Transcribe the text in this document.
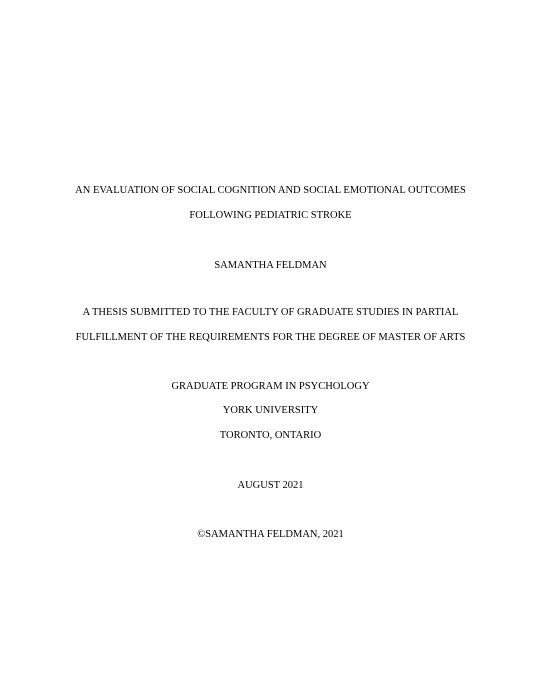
AN EVALUATION OF SOCIAL COGNITION AND SOCIAL EMOTIONAL OUTCOMES
FOLLOWING PEDIATRIC STROKE
SAMANTHA FELDMAN
A THESIS SUBMITTED TO THE FACULTY OF GRADUATE STUDIES IN PARTIAL
FULFILLMENT OF THE REQUIREMENTS FOR THE DEGREE OF MASTER OF ARTS
GRADUATE PROGRAM IN PSYCHOLOGY
YORK UNIVERSITY
TORONTO, ONTARIO
AUGUST 2021
©SAMANTHA FELDMAN, 2021
